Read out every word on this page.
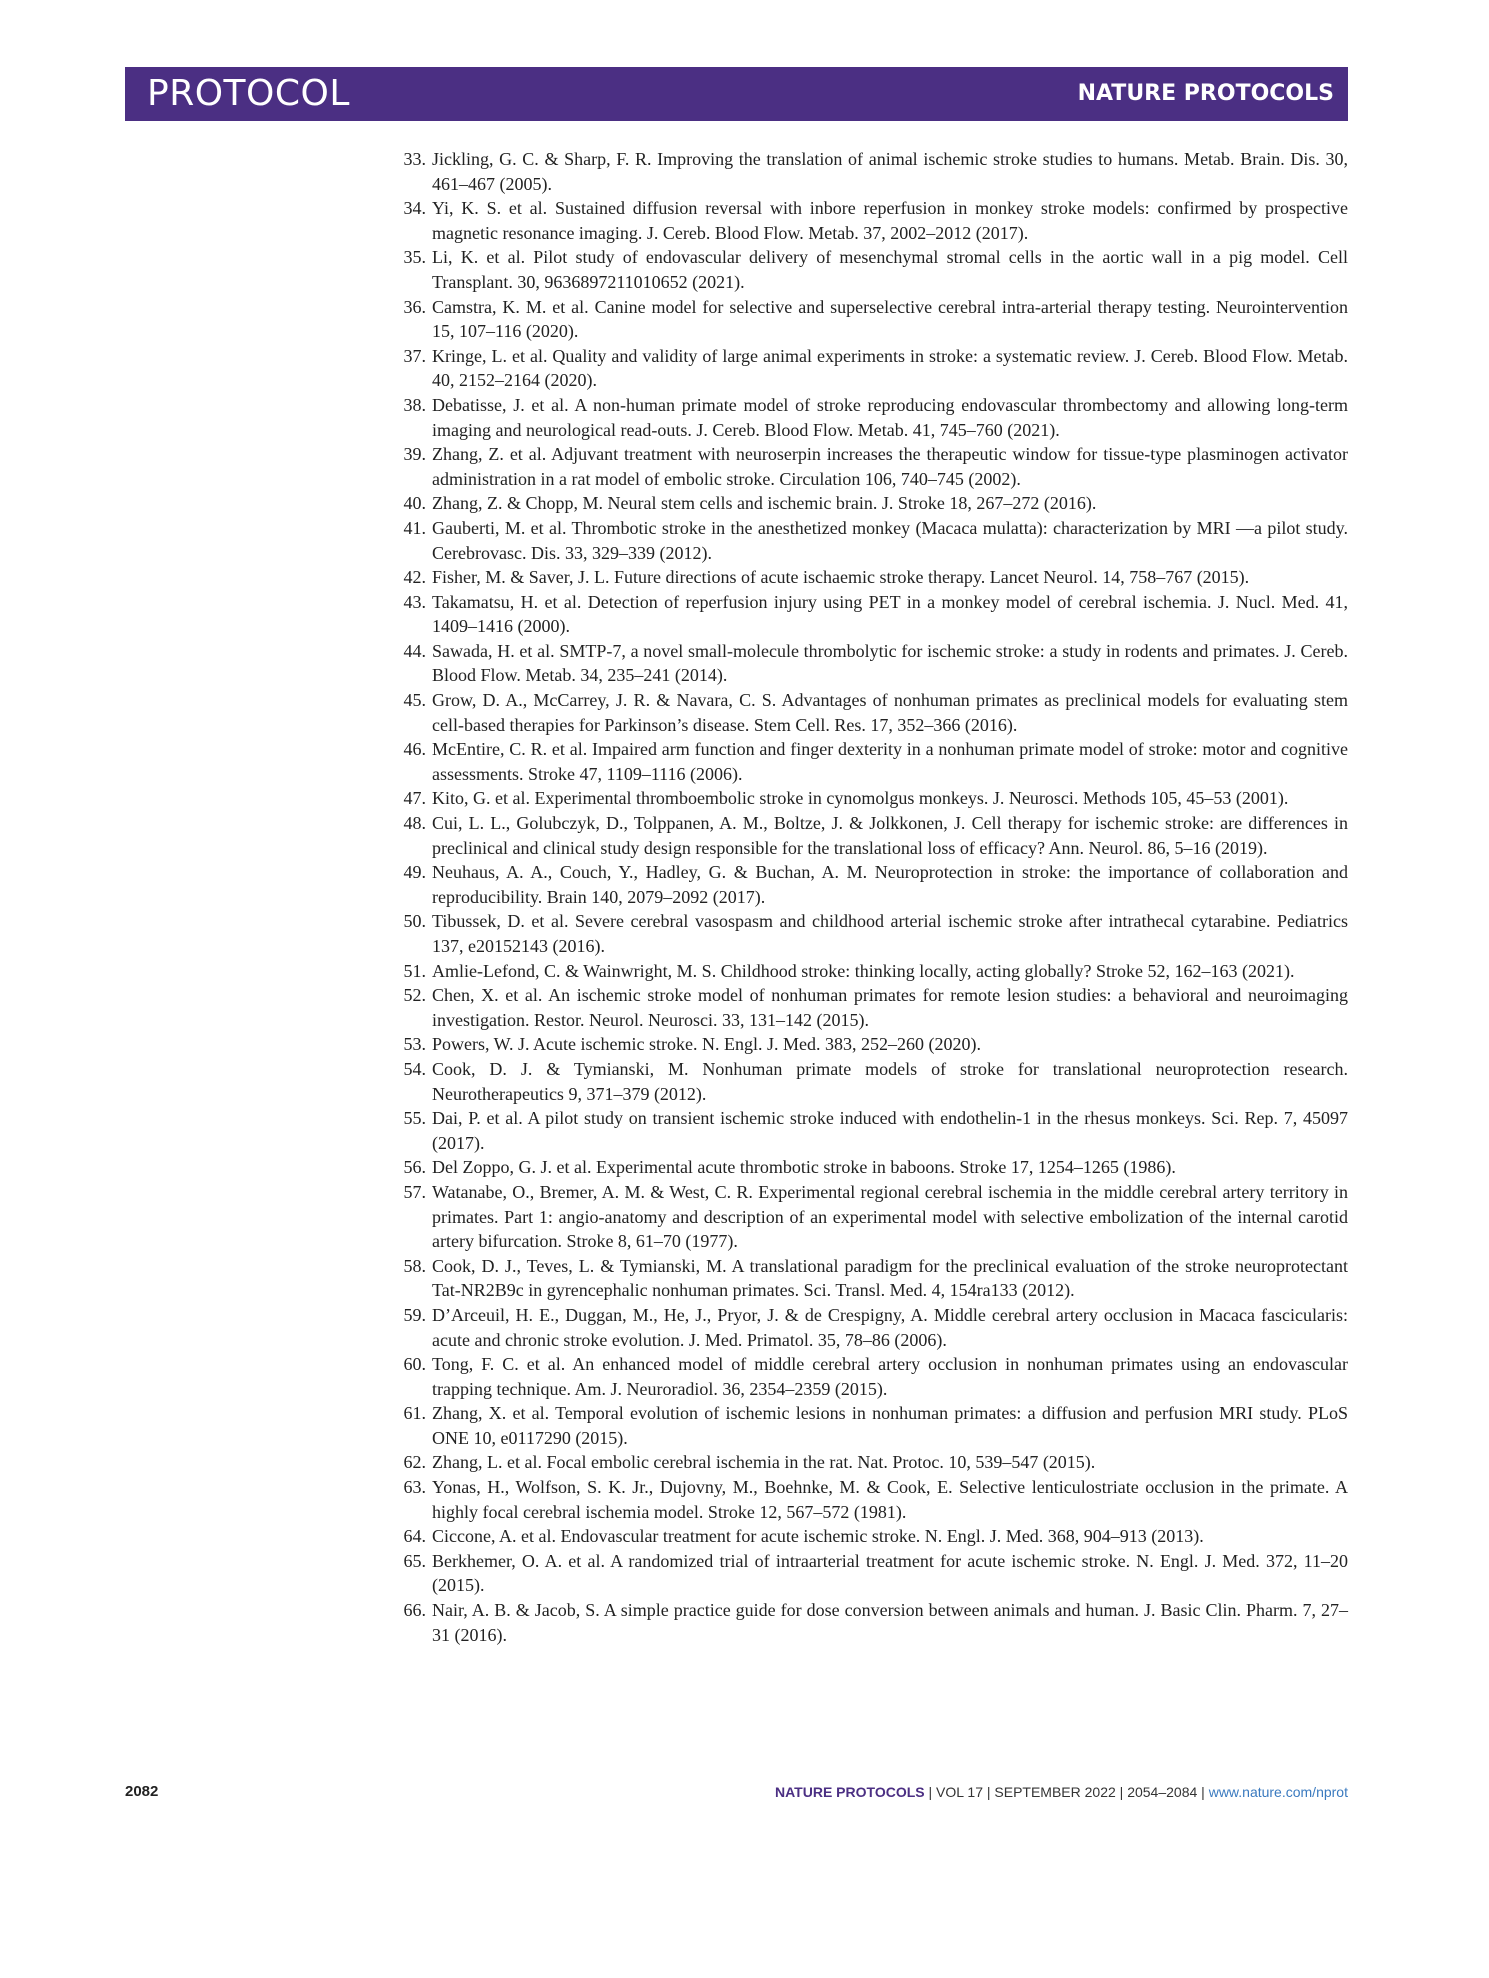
PROTOCOL	NATURE PROTOCOLS
33. Jickling, G. C. & Sharp, F. R. Improving the translation of animal ischemic stroke studies to humans. Metab. Brain. Dis. 30, 461–467 (2005).
34. Yi, K. S. et al. Sustained diffusion reversal with inbore reperfusion in monkey stroke models: confirmed by prospective magnetic resonance imaging. J. Cereb. Blood Flow. Metab. 37, 2002–2012 (2017).
35. Li, K. et al. Pilot study of endovascular delivery of mesenchymal stromal cells in the aortic wall in a pig model. Cell Transplant. 30, 9636897211010652 (2021).
36. Camstra, K. M. et al. Canine model for selective and superselective cerebral intra-arterial therapy testing. Neurointervention 15, 107–116 (2020).
37. Kringe, L. et al. Quality and validity of large animal experiments in stroke: a systematic review. J. Cereb. Blood Flow. Metab. 40, 2152–2164 (2020).
38. Debatisse, J. et al. A non-human primate model of stroke reproducing endovascular thrombectomy and allowing long-term imaging and neurological read-outs. J. Cereb. Blood Flow. Metab. 41, 745–760 (2021).
39. Zhang, Z. et al. Adjuvant treatment with neuroserpin increases the therapeutic window for tissue-type plasminogen activator administration in a rat model of embolic stroke. Circulation 106, 740–745 (2002).
40. Zhang, Z. & Chopp, M. Neural stem cells and ischemic brain. J. Stroke 18, 267–272 (2016).
41. Gauberti, M. et al. Thrombotic stroke in the anesthetized monkey (Macaca mulatta): characterization by MRI —a pilot study. Cerebrovasc. Dis. 33, 329–339 (2012).
42. Fisher, M. & Saver, J. L. Future directions of acute ischaemic stroke therapy. Lancet Neurol. 14, 758–767 (2015).
43. Takamatsu, H. et al. Detection of reperfusion injury using PET in a monkey model of cerebral ischemia. J. Nucl. Med. 41, 1409–1416 (2000).
44. Sawada, H. et al. SMTP-7, a novel small-molecule thrombolytic for ischemic stroke: a study in rodents and primates. J. Cereb. Blood Flow. Metab. 34, 235–241 (2014).
45. Grow, D. A., McCarrey, J. R. & Navara, C. S. Advantages of nonhuman primates as preclinical models for evaluating stem cell-based therapies for Parkinson’s disease. Stem Cell. Res. 17, 352–366 (2016).
46. McEntire, C. R. et al. Impaired arm function and finger dexterity in a nonhuman primate model of stroke: motor and cognitive assessments. Stroke 47, 1109–1116 (2006).
47. Kito, G. et al. Experimental thromboembolic stroke in cynomolgus monkeys. J. Neurosci. Methods 105, 45–53 (2001).
48. Cui, L. L., Golubczyk, D., Tolppanen, A. M., Boltze, J. & Jolkkonen, J. Cell therapy for ischemic stroke: are differences in preclinical and clinical study design responsible for the translational loss of efficacy? Ann. Neurol. 86, 5–16 (2019).
49. Neuhaus, A. A., Couch, Y., Hadley, G. & Buchan, A. M. Neuroprotection in stroke: the importance of collaboration and reproducibility. Brain 140, 2079–2092 (2017).
50. Tibussek, D. et al. Severe cerebral vasospasm and childhood arterial ischemic stroke after intrathecal cytarabine. Pediatrics 137, e20152143 (2016).
51. Amlie-Lefond, C. & Wainwright, M. S. Childhood stroke: thinking locally, acting globally? Stroke 52, 162–163 (2021).
52. Chen, X. et al. An ischemic stroke model of nonhuman primates for remote lesion studies: a behavioral and neuroimaging investigation. Restor. Neurol. Neurosci. 33, 131–142 (2015).
53. Powers, W. J. Acute ischemic stroke. N. Engl. J. Med. 383, 252–260 (2020).
54. Cook, D. J. & Tymianski, M. Nonhuman primate models of stroke for translational neuroprotection research. Neurotherapeutics 9, 371–379 (2012).
55. Dai, P. et al. A pilot study on transient ischemic stroke induced with endothelin-1 in the rhesus monkeys. Sci. Rep. 7, 45097 (2017).
56. Del Zoppo, G. J. et al. Experimental acute thrombotic stroke in baboons. Stroke 17, 1254–1265 (1986).
57. Watanabe, O., Bremer, A. M. & West, C. R. Experimental regional cerebral ischemia in the middle cerebral artery territory in primates. Part 1: angio-anatomy and description of an experimental model with selective embolization of the internal carotid artery bifurcation. Stroke 8, 61–70 (1977).
58. Cook, D. J., Teves, L. & Tymianski, M. A translational paradigm for the preclinical evaluation of the stroke neuroprotectant Tat-NR2B9c in gyrencephalic nonhuman primates. Sci. Transl. Med. 4, 154ra133 (2012).
59. D’Arceuil, H. E., Duggan, M., He, J., Pryor, J. & de Crespigny, A. Middle cerebral artery occlusion in Macaca fascicularis: acute and chronic stroke evolution. J. Med. Primatol. 35, 78–86 (2006).
60. Tong, F. C. et al. An enhanced model of middle cerebral artery occlusion in nonhuman primates using an endovascular trapping technique. Am. J. Neuroradiol. 36, 2354–2359 (2015).
61. Zhang, X. et al. Temporal evolution of ischemic lesions in nonhuman primates: a diffusion and perfusion MRI study. PLoS ONE 10, e0117290 (2015).
62. Zhang, L. et al. Focal embolic cerebral ischemia in the rat. Nat. Protoc. 10, 539–547 (2015).
63. Yonas, H., Wolfson, S. K. Jr., Dujovny, M., Boehnke, M. & Cook, E. Selective lenticulostriate occlusion in the primate. A highly focal cerebral ischemia model. Stroke 12, 567–572 (1981).
64. Ciccone, A. et al. Endovascular treatment for acute ischemic stroke. N. Engl. J. Med. 368, 904–913 (2013).
65. Berkhemer, O. A. et al. A randomized trial of intraarterial treatment for acute ischemic stroke. N. Engl. J. Med. 372, 11–20 (2015).
66. Nair, A. B. & Jacob, S. A simple practice guide for dose conversion between animals and human. J. Basic Clin. Pharm. 7, 27–31 (2016).
2082	NATURE PROTOCOLS | VOL 17 | SEPTEMBER 2022 | 2054–2084 | www.nature.com/nprot
